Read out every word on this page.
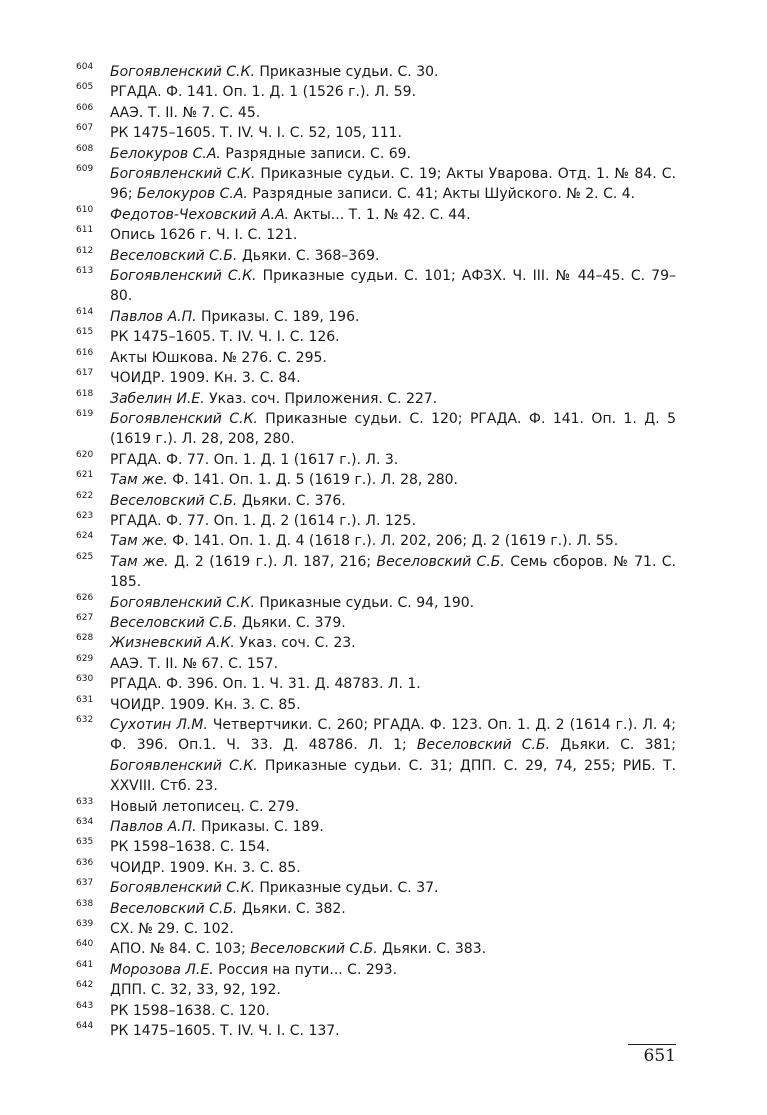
604 Богоявленский С.К. Приказные судьи. С. 30.
605 РГАДА. Ф. 141. Оп. 1. Д. 1 (1526 г.). Л. 59.
606 ААЭ. Т. II. № 7. С. 45.
607 РК 1475–1605. Т. IV. Ч. I. С. 52, 105, 111.
608 Белокуров С.А. Разрядные записи. С. 69.
609 Богоявленский С.К. Приказные судьи. С. 19; Акты Уварова. Отд. 1. № 84. С. 96; Белокуров С.А. Разрядные записи. С. 41; Акты Шуйского. № 2. С. 4.
610 Федотов-Чеховский А.А. Акты... Т. 1. № 42. С. 44.
611 Опись 1626 г. Ч. I. С. 121.
612 Веселовский С.Б. Дьяки. С. 368–369.
613 Богоявленский С.К. Приказные судьи. С. 101; АФЗХ. Ч. III. № 44–45. С. 79–80.
614 Павлов А.П. Приказы. С. 189, 196.
615 РК 1475–1605. Т. IV. Ч. I. С. 126.
616 Акты Юшкова. № 276. С. 295.
617 ЧОИДР. 1909. Кн. 3. С. 84.
618 Забелин И.Е. Указ. соч. Приложения. С. 227.
619 Богоявленский С.К. Приказные судьи. С. 120; РГАДА. Ф. 141. Оп. 1. Д. 5 (1619 г.). Л. 28, 208, 280.
620 РГАДА. Ф. 77. Оп. 1. Д. 1 (1617 г.). Л. 3.
621 Там же. Ф. 141. Оп. 1. Д. 5 (1619 г.). Л. 28, 280.
622 Веселовский С.Б. Дьяки. С. 376.
623 РГАДА. Ф. 77. Оп. 1. Д. 2 (1614 г.). Л. 125.
624 Там же. Ф. 141. Оп. 1. Д. 4 (1618 г.). Л. 202, 206; Д. 2 (1619 г.). Л. 55.
625 Там же. Д. 2 (1619 г.). Л. 187, 216; Веселовский С.Б. Семь сборов. № 71. С. 185.
626 Богоявленский С.К. Приказные судьи. С. 94, 190.
627 Веселовский С.Б. Дьяки. С. 379.
628 Жизневский А.К. Указ. соч. С. 23.
629 ААЭ. Т. II. № 67. С. 157.
630 РГАДА. Ф. 396. Оп. 1. Ч. 31. Д. 48783. Л. 1.
631 ЧОИДР. 1909. Кн. 3. С. 85.
632 Сухотин Л.М. Четвертчики. С. 260; РГАДА. Ф. 123. Оп. 1. Д. 2 (1614 г.). Л. 4; Ф. 396. Оп.1. Ч. 33. Д. 48786. Л. 1; Веселовский С.Б. Дьяки. С. 381; Богоявленский С.К. Приказные судьи. С. 31; ДПП. С. 29, 74, 255; РИБ. Т. XXVIII. Стб. 23.
633 Новый летописец. С. 279.
634 Павлов А.П. Приказы. С. 189.
635 РК 1598–1638. С. 154.
636 ЧОИДР. 1909. Кн. 3. С. 85.
637 Богоявленский С.К. Приказные судьи. С. 37.
638 Веселовский С.Б. Дьяки. С. 382.
639 СХ. № 29. С. 102.
640 АПО. № 84. С. 103; Веселовский С.Б. Дьяки. С. 383.
641 Морозова Л.Е. Россия на пути... С. 293.
642 ДПП. С. 32, 33, 92, 192.
643 РК 1598–1638. С. 120.
644 РК 1475–1605. Т. IV. Ч. I. С. 137.
651
